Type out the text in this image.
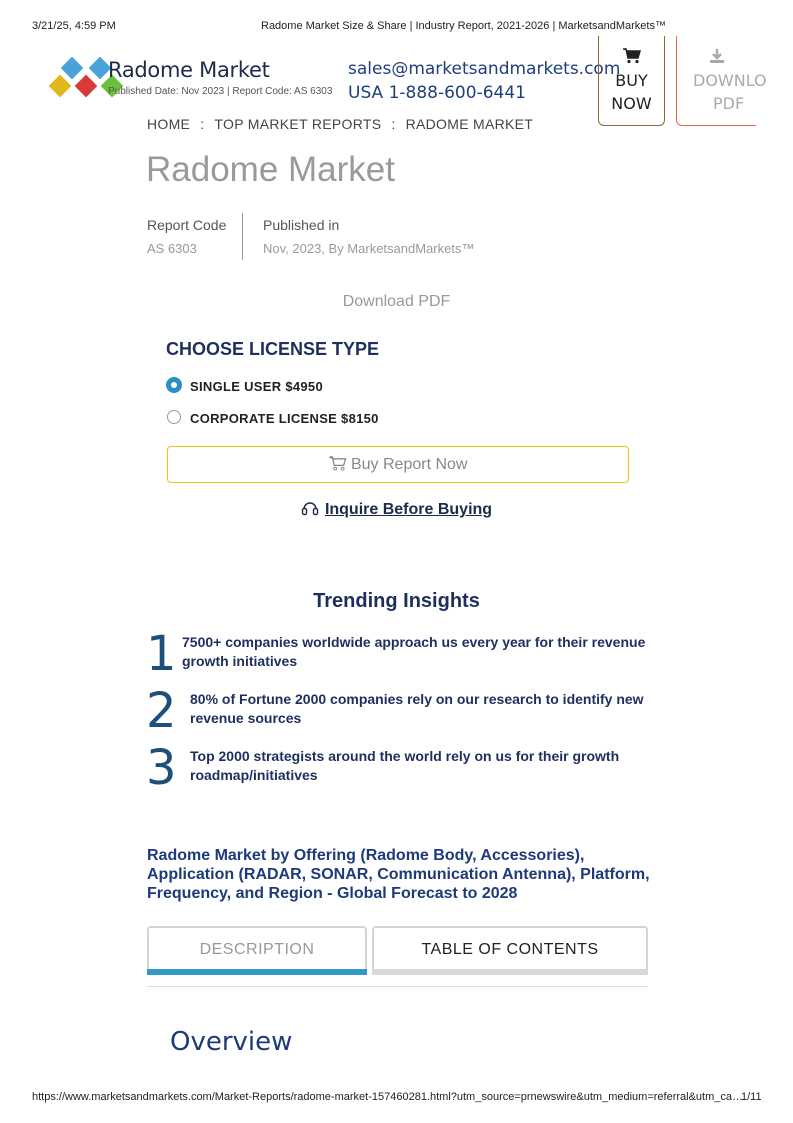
3/21/25, 4:59 PM	Radome Market Size & Share | Industry Report, 2021-2026 | MarketsandMarkets™
Radome Market
Published Date: Nov 2023 | Report Code: AS 6303
sales@marketsandmarkets.com
USA 1-888-600-6441
BUY
NOW
DOWNLO
PDF
HOME : TOP MARKET REPORTS : RADOME MARKET
Radome Market
Report Code
AS 6303
Published in
Nov, 2023, By MarketsandMarkets™
Download PDF
CHOOSE LICENSE TYPE
SINGLE USER $4950
CORPORATE LICENSE $8150
Buy Report Now
Inquire Before Buying
Trending Insights
1 7500+ companies worldwide approach us every year for their revenue growth initiatives
2 80% of Fortune 2000 companies rely on our research to identify new revenue sources
3 Top 2000 strategists around the world rely on us for their growth roadmap/initiatives
Radome Market by Offering (Radome Body, Accessories), Application (RADAR, SONAR, Communication Antenna), Platform, Frequency, and Region - Global Forecast to 2028
DESCRIPTION	TABLE OF CONTENTS
Overview
https://www.marketsandmarkets.com/Market-Reports/radome-market-157460281.html?utm_source=prnewswire&utm_medium=referral&utm_ca…
1/11
